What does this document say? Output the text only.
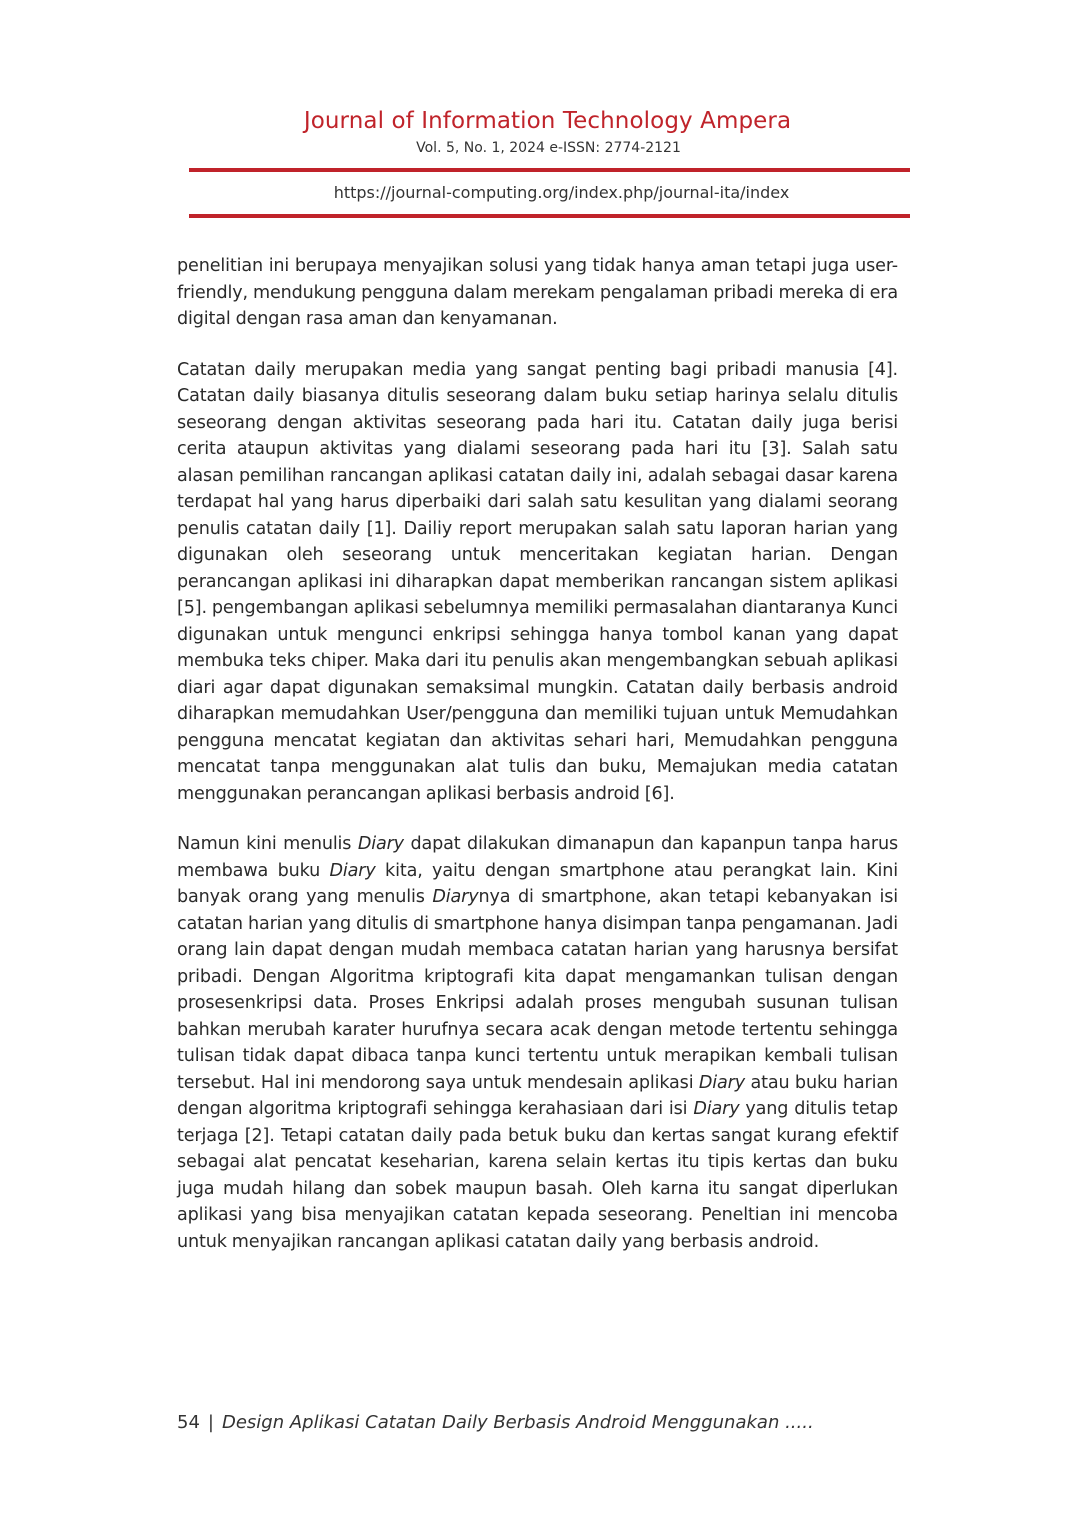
Journal of Information Technology Ampera
Vol. 5, No. 1, 2024 e-ISSN: 2774-2121
https://journal-computing.org/index.php/journal-ita/index

penelitian ini berupaya menyajikan solusi yang tidak hanya aman tetapi juga user-friendly, mendukung pengguna dalam merekam pengalaman pribadi mereka di era digital dengan rasa aman dan kenyamanan.

Catatan daily merupakan media yang sangat penting bagi pribadi manusia [4]. Catatan daily biasanya ditulis seseorang dalam buku setiap harinya selalu ditulis seseorang dengan aktivitas seseorang pada hari itu. Catatan daily juga berisi cerita ataupun aktivitas yang dialami seseorang pada hari itu [3]. Salah satu alasan pemilihan rancangan aplikasi catatan daily ini, adalah sebagai dasar karena terdapat hal yang harus diperbaiki dari salah satu kesulitan yang dialami seorang penulis catatan daily [1]. Dailiy report merupakan salah satu laporan harian yang digunakan oleh seseorang untuk menceritakan kegiatan harian. Dengan perancangan aplikasi ini diharapkan dapat memberikan rancangan sistem aplikasi [5]. pengembangan aplikasi sebelumnya memiliki permasalahan diantaranya Kunci digunakan untuk mengunci enkripsi sehingga hanya tombol kanan yang dapat membuka teks chiper. Maka dari itu penulis akan mengembangkan sebuah aplikasi diari agar dapat digunakan semaksimal mungkin. Catatan daily berbasis android diharapkan memudahkan User/pengguna dan memiliki tujuan untuk Memudahkan pengguna mencatat kegiatan dan aktivitas sehari hari, Memudahkan pengguna mencatat tanpa menggunakan alat tulis dan buku, Memajukan media catatan menggunakan perancangan aplikasi berbasis android [6].

Namun kini menulis Diary dapat dilakukan dimanapun dan kapanpun tanpa harus membawa buku Diary kita, yaitu dengan smartphone atau perangkat lain. Kini banyak orang yang menulis Diarynya di smartphone, akan tetapi kebanyakan isi catatan harian yang ditulis di smartphone hanya disimpan tanpa pengamanan. Jadi orang lain dapat dengan mudah membaca catatan harian yang harusnya bersifat pribadi. Dengan Algoritma kriptografi kita dapat mengamankan tulisan dengan prosesenkripsi data. Proses Enkripsi adalah proses mengubah susunan tulisan bahkan merubah karater hurufnya secara acak dengan metode tertentu sehingga tulisan tidak dapat dibaca tanpa kunci tertentu untuk merapikan kembali tulisan tersebut. Hal ini mendorong saya untuk mendesain aplikasi Diary atau buku harian dengan algoritma kriptografi sehingga kerahasiaan dari isi Diary yang ditulis tetap terjaga [2]. Tetapi catatan daily pada betuk buku dan kertas sangat kurang efektif sebagai alat pencatat keseharian, karena selain kertas itu tipis kertas dan buku juga mudah hilang dan sobek maupun basah. Oleh karna itu sangat diperlukan aplikasi yang bisa menyajikan catatan kepada seseorang. Peneltian ini mencoba untuk menyajikan rancangan aplikasi catatan daily yang berbasis android.

54 | Design Aplikasi Catatan Daily Berbasis Android Menggunakan .....
